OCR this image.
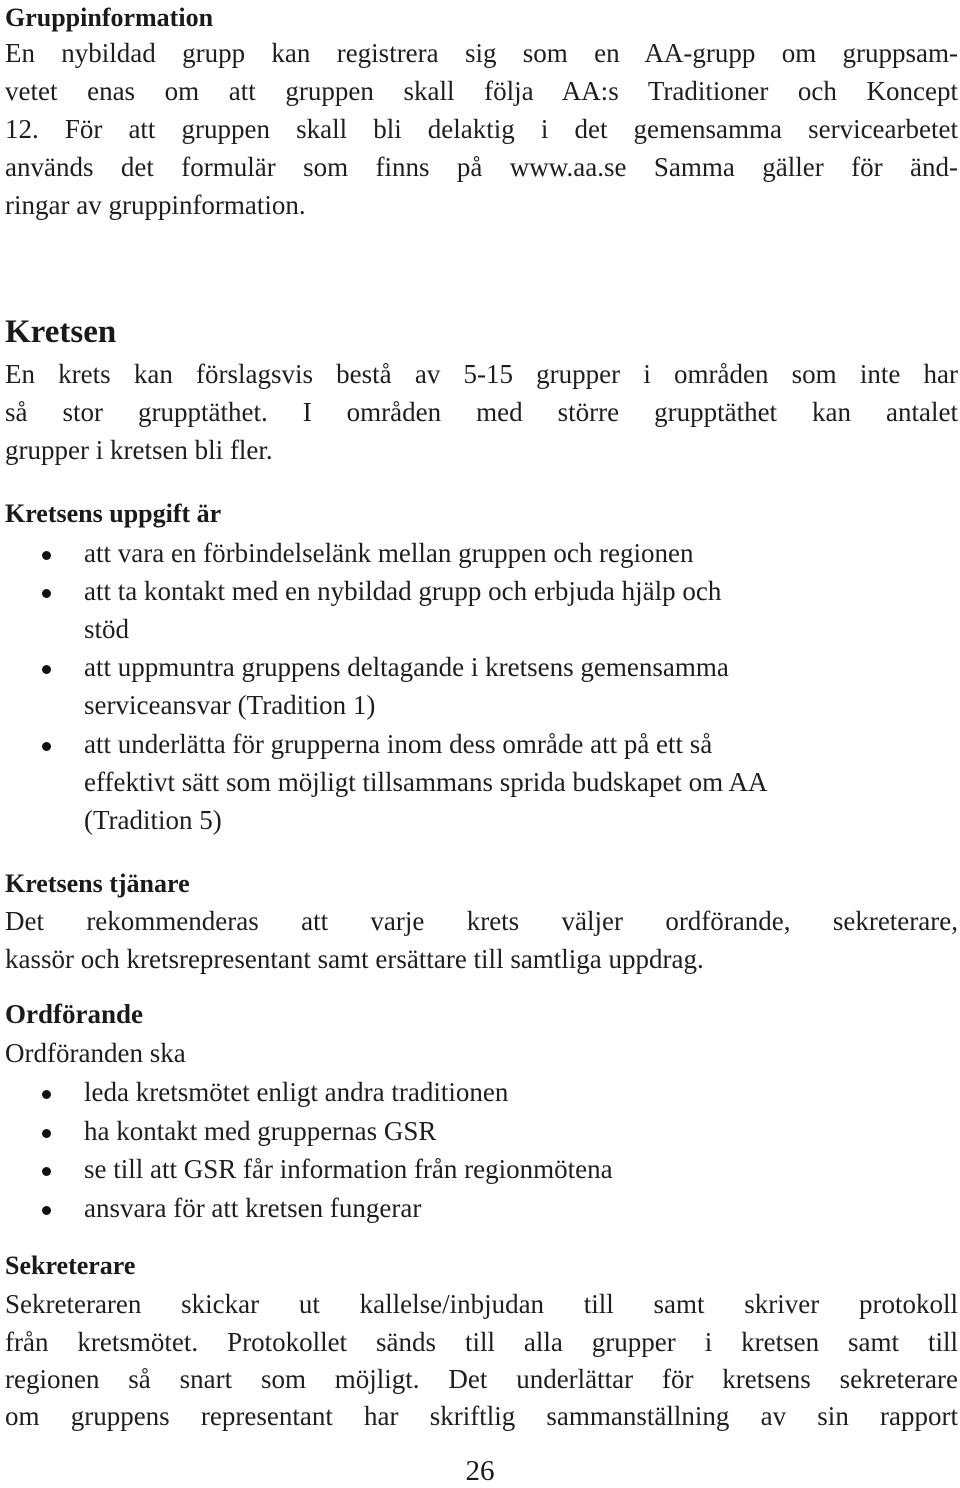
Gruppinformation

En nybildad grupp kan registrera sig som en AA-grupp om gruppsam-

vetet enas om att gruppen skall följa AA:s Traditioner och Koncept

12. För att gruppen skall bli delaktig i det gemensamma servicearbetet

används det formulär som finns på www.aa.se Samma gäller för änd-

ringar av gruppinformation.

Kretsen

En krets kan förslagsvis bestå av 5-15 grupper i områden som inte har

så stor grupptäthet. I områden med större grupptäthet kan antalet

grupper i kretsen bli fler.

Kretsens uppgift är

att vara en förbindelselänk mellan gruppen och regionen

att ta kontakt med en nybildad grupp och erbjuda hjälp och

stöd

att uppmuntra gruppens deltagande i kretsens gemensamma

serviceansvar (Tradition 1)

att underlätta för grupperna inom dess område att på ett så

effektivt sätt som möjligt tillsammans sprida budskapet om AA

(Tradition 5)

Kretsens tjänare

Det rekommenderas att varje krets väljer ordförande, sekreterare,

kassör och kretsrepresentant samt ersättare till samtliga uppdrag.

Ordförande

Ordföranden ska

leda kretsmötet enligt andra traditionen

ha kontakt med gruppernas GSR

se till att GSR får information från regionmötena

ansvara för att kretsen fungerar

Sekreterare

Sekreteraren skickar ut kallelse/inbjudan till samt skriver protokoll

från kretsmötet. Protokollet sänds till alla grupper i kretsen samt till

regionen så snart som möjligt. Det underlättar för kretsens sekreterare

om gruppens representant har skriftlig sammanställning av sin rapport

26
